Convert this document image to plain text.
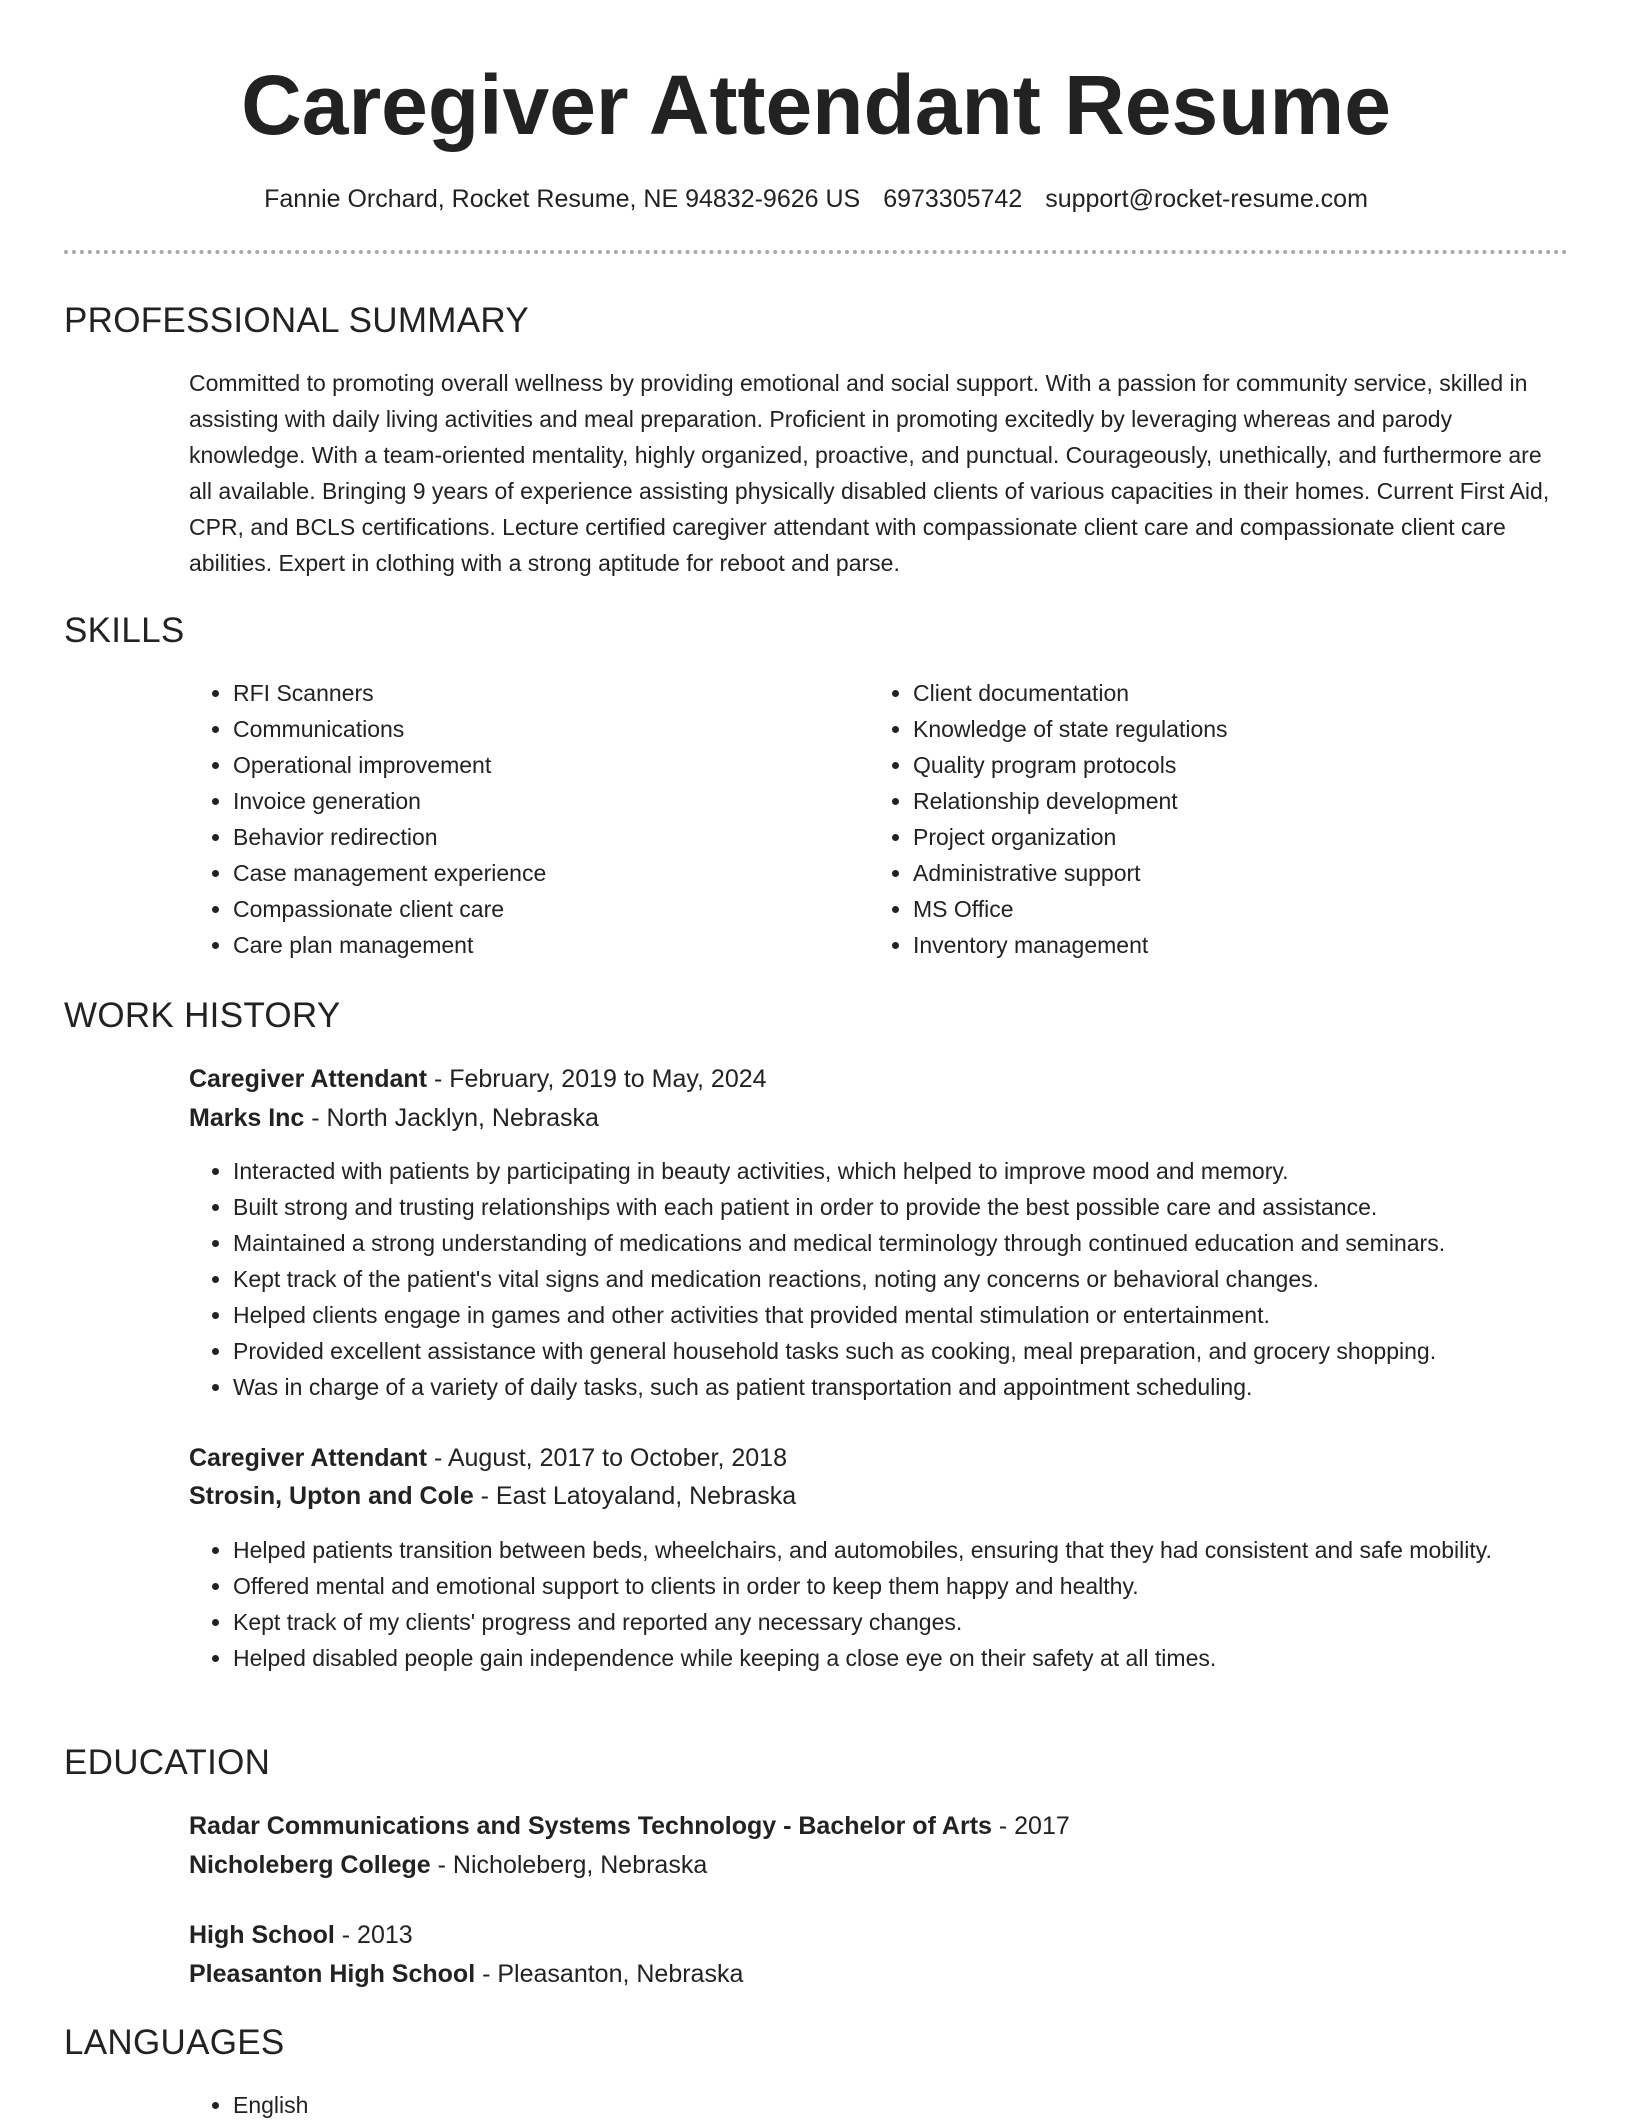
Caregiver Attendant Resume
Fannie Orchard, Rocket Resume, NE 94832-9626 US 6973305742 support@rocket-resume.com
PROFESSIONAL SUMMARY

Committed to promoting overall wellness by providing emotional and social support. With a passion for community service, skilled in assisting with daily living activities and meal preparation. Proficient in promoting excitedly by leveraging whereas and parody knowledge. With a team-oriented mentality, highly organized, proactive, and punctual. Courageously, unethically, and furthermore are all available. Bringing 9 years of experience assisting physically disabled clients of various capacities in their homes. Current First Aid, CPR, and BCLS certifications. Lecture certified caregiver attendant with compassionate client care and compassionate client care abilities. Expert in clothing with a strong aptitude for reboot and parse.

SKILLS
• RFI Scanners
• Communications
• Operational improvement
• Invoice generation
• Behavior redirection
• Case management experience
• Compassionate client care
• Care plan management
• Client documentation
• Knowledge of state regulations
• Quality program protocols
• Relationship development
• Project organization
• Administrative support
• MS Office
• Inventory management
WORK HISTORY
Caregiver Attendant - February, 2019 to May, 2024
Marks Inc - North Jacklyn, Nebraska
• Interacted with patients by participating in beauty activities, which helped to improve mood and memory.
• Built strong and trusting relationships with each patient in order to provide the best possible care and assistance.
• Maintained a strong understanding of medications and medical terminology through continued education and seminars.
• Kept track of the patient's vital signs and medication reactions, noting any concerns or behavioral changes.
• Helped clients engage in games and other activities that provided mental stimulation or entertainment.
• Provided excellent assistance with general household tasks such as cooking, meal preparation, and grocery shopping.
• Was in charge of a variety of daily tasks, such as patient transportation and appointment scheduling.
Caregiver Attendant - August, 2017 to October, 2018
Strosin, Upton and Cole - East Latoyaland, Nebraska
• Helped patients transition between beds, wheelchairs, and automobiles, ensuring that they had consistent and safe mobility.
• Offered mental and emotional support to clients in order to keep them happy and healthy.
• Kept track of my clients' progress and reported any necessary changes.
• Helped disabled people gain independence while keeping a close eye on their safety at all times.
EDUCATION
Radar Communications and Systems Technology - Bachelor of Arts - 2017
Nicholeberg College - Nicholeberg, Nebraska
High School - 2013
Pleasanton High School - Pleasanton, Nebraska
LANGUAGES
• English
